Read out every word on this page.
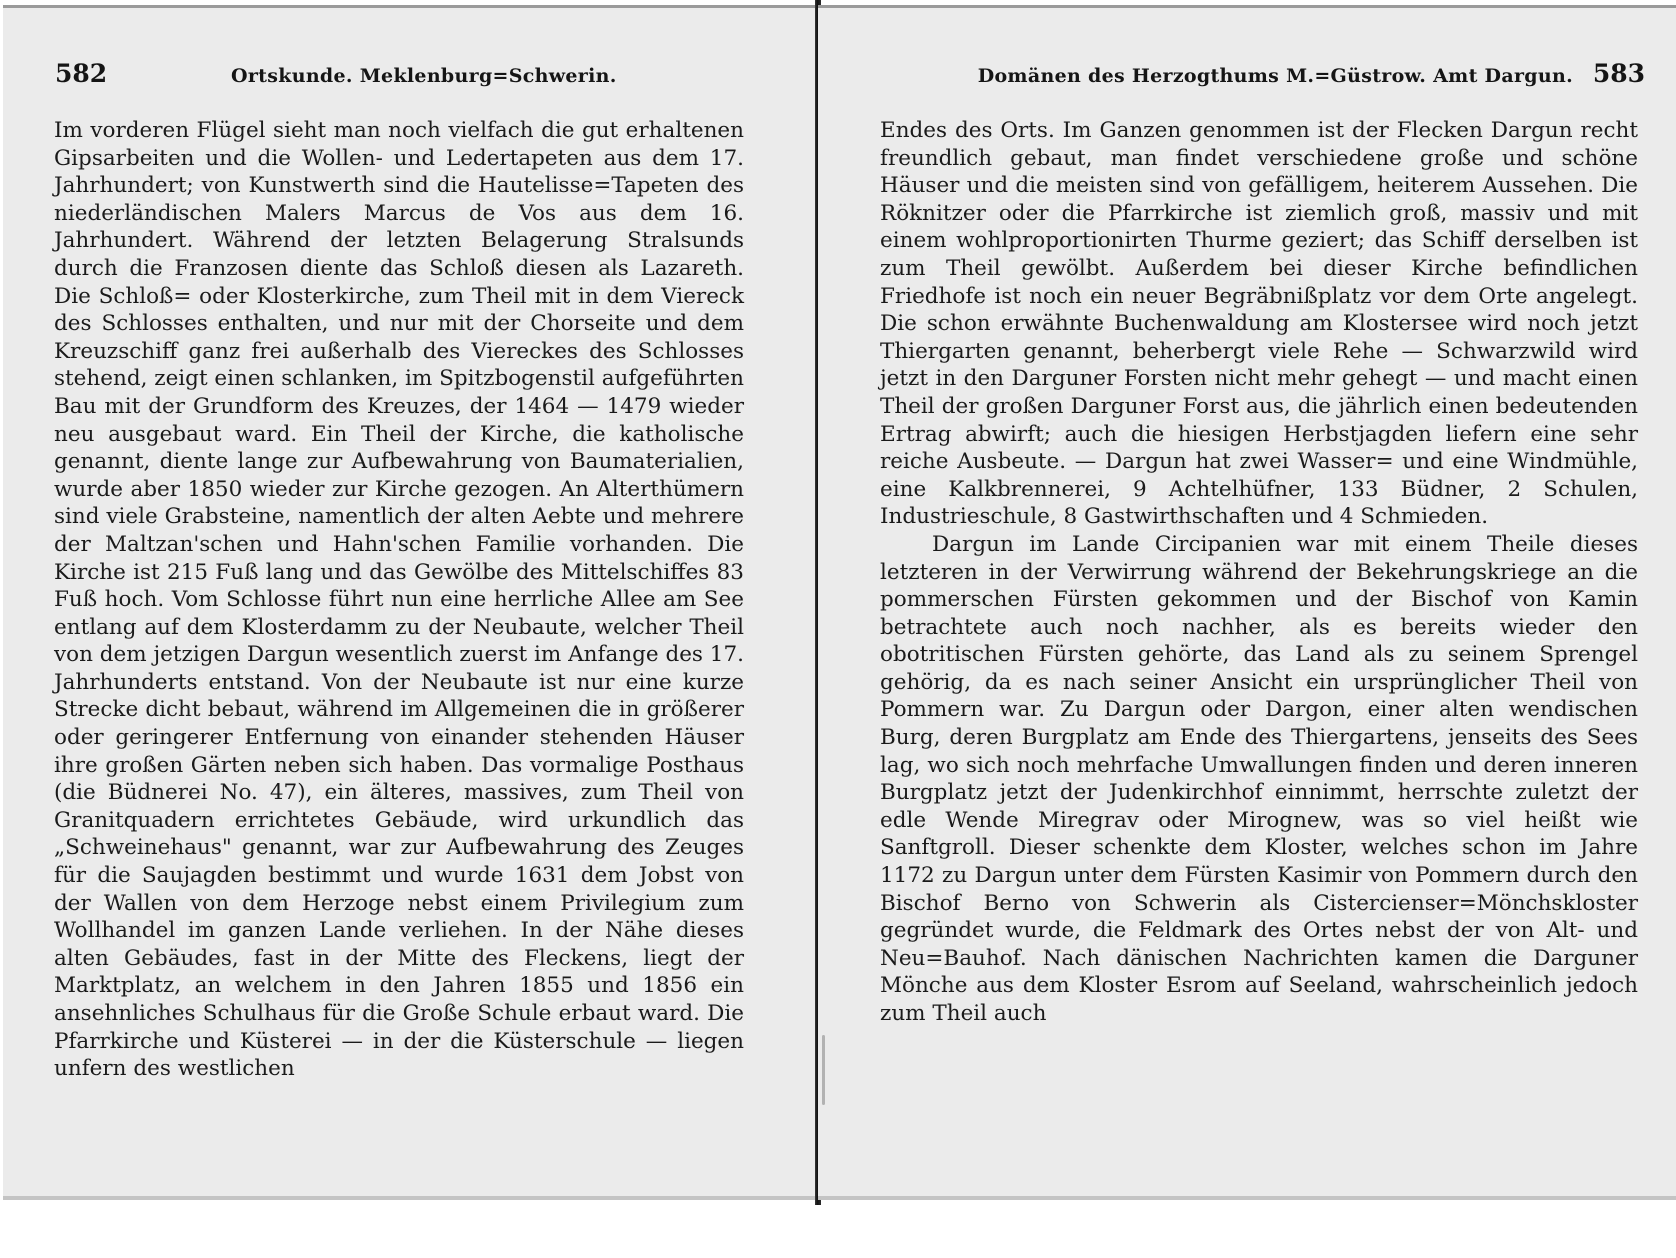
582	Ortskunde. Meklenburg=Schwerin.

Im vorderen Flügel sieht man noch vielfach die gut erhaltenen Gipsarbeiten und die Wollen- und Ledertapeten aus dem 17. Jahrhundert; von Kunstwerth sind die Hautelisse=Tapeten des niederländischen Malers Marcus de Vos aus dem 16. Jahrhundert. Während der letzten Belagerung Stralsunds durch die Franzosen diente das Schloß diesen als Lazareth. Die Schloß= oder Klosterkirche, zum Theil mit in dem Viereck des Schlosses enthalten, und nur mit der Chorseite und dem Kreuzschiff ganz frei außerhalb des Viereckes des Schlosses stehend, zeigt einen schlanken, im Spitzbogenstil aufgeführten Bau mit der Grundform des Kreuzes, der 1464 — 1479 wieder neu ausgebaut ward. Ein Theil der Kirche, die katholische genannt, diente lange zur Aufbewahrung von Baumaterialien, wurde aber 1850 wieder zur Kirche gezogen. An Alterthümern sind viele Grabsteine, namentlich der alten Aebte und mehrere der Maltzan'schen und Hahn'schen Familie vorhanden. Die Kirche ist 215 Fuß lang und das Gewölbe des Mittelschiffes 83 Fuß hoch. Vom Schlosse führt nun eine herrliche Allee am See entlang auf dem Klosterdamm zu der Neubaute, welcher Theil von dem jetzigen Dargun wesentlich zuerst im Anfange des 17. Jahrhunderts entstand. Von der Neubaute ist nur eine kurze Strecke dicht bebaut, während im Allgemeinen die in größerer oder geringerer Entfernung von einander stehenden Häuser ihre großen Gärten neben sich haben. Das vormalige Posthaus (die Büdnerei No. 47), ein älteres, massives, zum Theil von Granitquadern errichtetes Gebäude, wird urkundlich das „Schweinehaus" genannt, war zur Aufbewahrung des Zeuges für die Saujagden bestimmt und wurde 1631 dem Jobst von der Wallen von dem Herzoge nebst einem Privilegium zum Wollhandel im ganzen Lande verliehen. In der Nähe dieses alten Gebäudes, fast in der Mitte des Fleckens, liegt der Marktplatz, an welchem in den Jahren 1855 und 1856 ein ansehnliches Schulhaus für die Große Schule erbaut ward. Die Pfarrkirche und Küsterei — in der die Küsterschule — liegen unfern des westlichen

Domänen des Herzogthums M.=Güstrow. Amt Dargun. 583

Endes des Orts. Im Ganzen genommen ist der Flecken Dargun recht freundlich gebaut, man findet verschiedene große und schöne Häuser und die meisten sind von gefälligem, heiterem Aussehen. Die Röknitzer oder die Pfarrkirche ist ziemlich groß, massiv und mit einem wohlproportionirten Thurme geziert; das Schiff derselben ist zum Theil gewölbt. Außerdem bei dieser Kirche befindlichen Friedhofe ist noch ein neuer Begräbnißplatz vor dem Orte angelegt. Die schon erwähnte Buchenwaldung am Klostersee wird noch jetzt Thiergarten genannt, beherbergt viele Rehe — Schwarzwild wird jetzt in den Darguner Forsten nicht mehr gehegt — und macht einen Theil der großen Darguner Forst aus, die jährlich einen bedeutenden Ertrag abwirft; auch die hiesigen Herbstjagden liefern eine sehr reiche Ausbeute. — Dargun hat zwei Wasser= und eine Windmühle, eine Kalkbrennerei, 9 Achtelhüfner, 133 Büdner, 2 Schulen, Industrieschule, 8 Gastwirthschaften und 4 Schmieden.

Dargun im Lande Circipanien war mit einem Theile dieses letzteren in der Verwirrung während der Bekehrungskriege an die pommerschen Fürsten gekommen und der Bischof von Kamin betrachtete auch noch nachher, als es bereits wieder den obotritischen Fürsten gehörte, das Land als zu seinem Sprengel gehörig, da es nach seiner Ansicht ein ursprünglicher Theil von Pommern war. Zu Dargun oder Dargon, einer alten wendischen Burg, deren Burgplatz am Ende des Thiergartens, jenseits des Sees lag, wo sich noch mehrfache Umwallungen finden und deren inneren Burgplatz jetzt der Judenkirchhof einnimmt, herrschte zuletzt der edle Wende Miregrav oder Mirognew, was so viel heißt wie Sanftgroll. Dieser schenkte dem Kloster, welches schon im Jahre 1172 zu Dargun unter dem Fürsten Kasimir von Pommern durch den Bischof Berno von Schwerin als Cistercienser=Mönchskloster gegründet wurde, die Feldmark des Ortes nebst der von Alt- und Neu=Bauhof. Nach dänischen Nachrichten kamen die Darguner Mönche aus dem Kloster Esrom auf Seeland, wahrscheinlich jedoch zum Theil auch
